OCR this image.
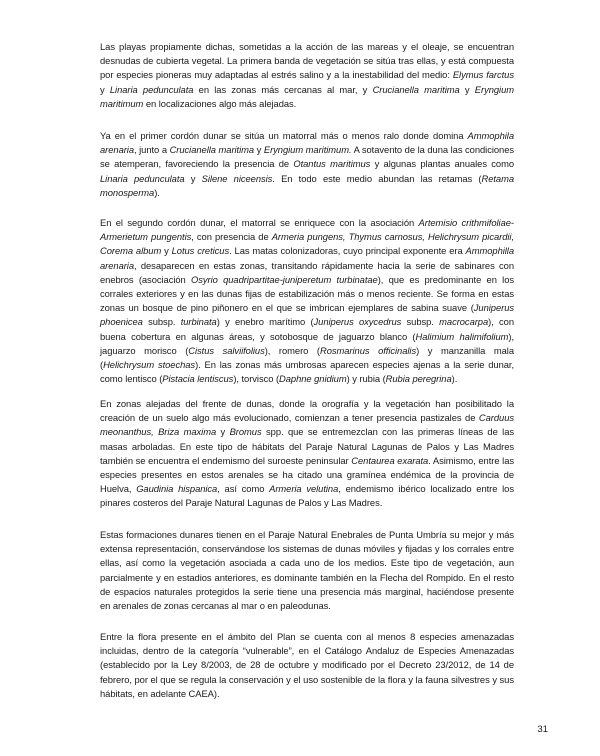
Las playas propiamente dichas, sometidas a la acción de las mareas y el oleaje, se encuentran desnudas de cubierta vegetal. La primera banda de vegetación se sitúa tras ellas, y está compuesta por especies pioneras muy adaptadas al estrés salino y a la inestabilidad del medio: Elymus farctus y Linaria pedunculata en las zonas más cercanas al mar, y Crucianella maritima y Eryngium maritimum en localizaciones algo más alejadas.

Ya en el primer cordón dunar se sitúa un matorral más o menos ralo donde domina Ammophila arenaria, junto a Crucianella maritima y Eryngium maritimum. A sotavento de la duna las condiciones se atemperan, favoreciendo la presencia de Otantus maritimus y algunas plantas anuales como Linaria pedunculata y Silene niceensis. En todo este medio abundan las retamas (Retama monosperma).

En el segundo cordón dunar, el matorral se enriquece con la asociación Artemisio crithmifoliae-Armerietum pungentis, con presencia de Armeria pungens, Thymus carnosus, Helichrysum picardii, Corema album y Lotus creticus. Las matas colonizadoras, cuyo principal exponente era Ammophilla arenaria, desaparecen en estas zonas, transitando rápidamente hacia la serie de sabinares con enebros (asociación Osyrio quadripartitae-juniperetum turbinatae), que es predominante en los corrales exteriores y en las dunas fijas de estabilización más o menos reciente. Se forma en estas zonas un bosque de pino piñonero en el que se imbrican ejemplares de sabina suave (Juniperus phoenicea subsp. turbinata) y enebro marítimo (Juniperus oxycedrus subsp. macrocarpa), con buena cobertura en algunas áreas, y sotobosque de jaguarzo blanco (Halimium halimifolium), jaguarzo morisco (Cistus salviifolius), romero (Rosmarinus officinalis) y manzanilla mala (Helichrysum stoechas). En las zonas más umbrosas aparecen especies ajenas a la serie dunar, como lentisco (Pistacia lentiscus), torvisco (Daphne gnidium) y rubia (Rubia peregrina).

En zonas alejadas del frente de dunas, donde la orografía y la vegetación han posibilitado la creación de un suelo algo más evolucionado, comienzan a tener presencia pastizales de Carduus meonanthus, Briza maxima y Bromus spp. que se entremezclan con las primeras líneas de las masas arboladas. En este tipo de hábitats del Paraje Natural Lagunas de Palos y Las Madres también se encuentra el endemismo del suroeste peninsular Centaurea exarata. Asimismo, entre las especies presentes en estos arenales se ha citado una gramínea endémica de la provincia de Huelva, Gaudinia hispanica, así como Armeria velutina, endemismo ibérico localizado entre los pinares costeros del Paraje Natural Lagunas de Palos y Las Madres.

Estas formaciones dunares tienen en el Paraje Natural Enebrales de Punta Umbría su mejor y más extensa representación, conservándose los sistemas de dunas móviles y fijadas y los corrales entre ellas, así como la vegetación asociada a cada uno de los medios. Este tipo de vegetación, aun parcialmente y en estadios anteriores, es dominante también en la Flecha del Rompido. En el resto de espacios naturales protegidos la serie tiene una presencia más marginal, haciéndose presente en arenales de zonas cercanas al mar o en paleodunas.

Entre la flora presente en el ámbito del Plan se cuenta con al menos 8 especies amenazadas incluidas, dentro de la categoría “vulnerable”, en el Catálogo Andaluz de Especies Amenazadas (establecido por la Ley 8/2003, de 28 de octubre y modificado por el Decreto 23/2012, de 14 de febrero, por el que se regula la conservación y el uso sostenible de la flora y la fauna silvestres y sus hábitats, en adelante CAEA).

31
